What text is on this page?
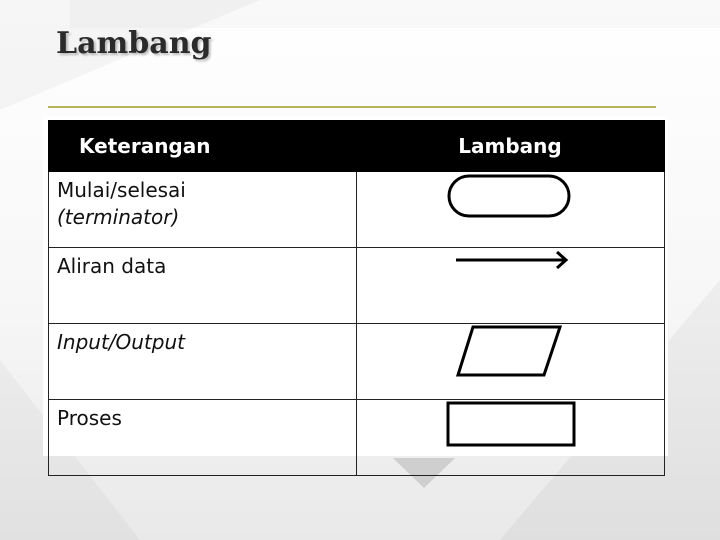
Lambang
Keterangan	Lambang

Mulai/selesai
(terminator)

Aliran data

Input/Output

Proses
